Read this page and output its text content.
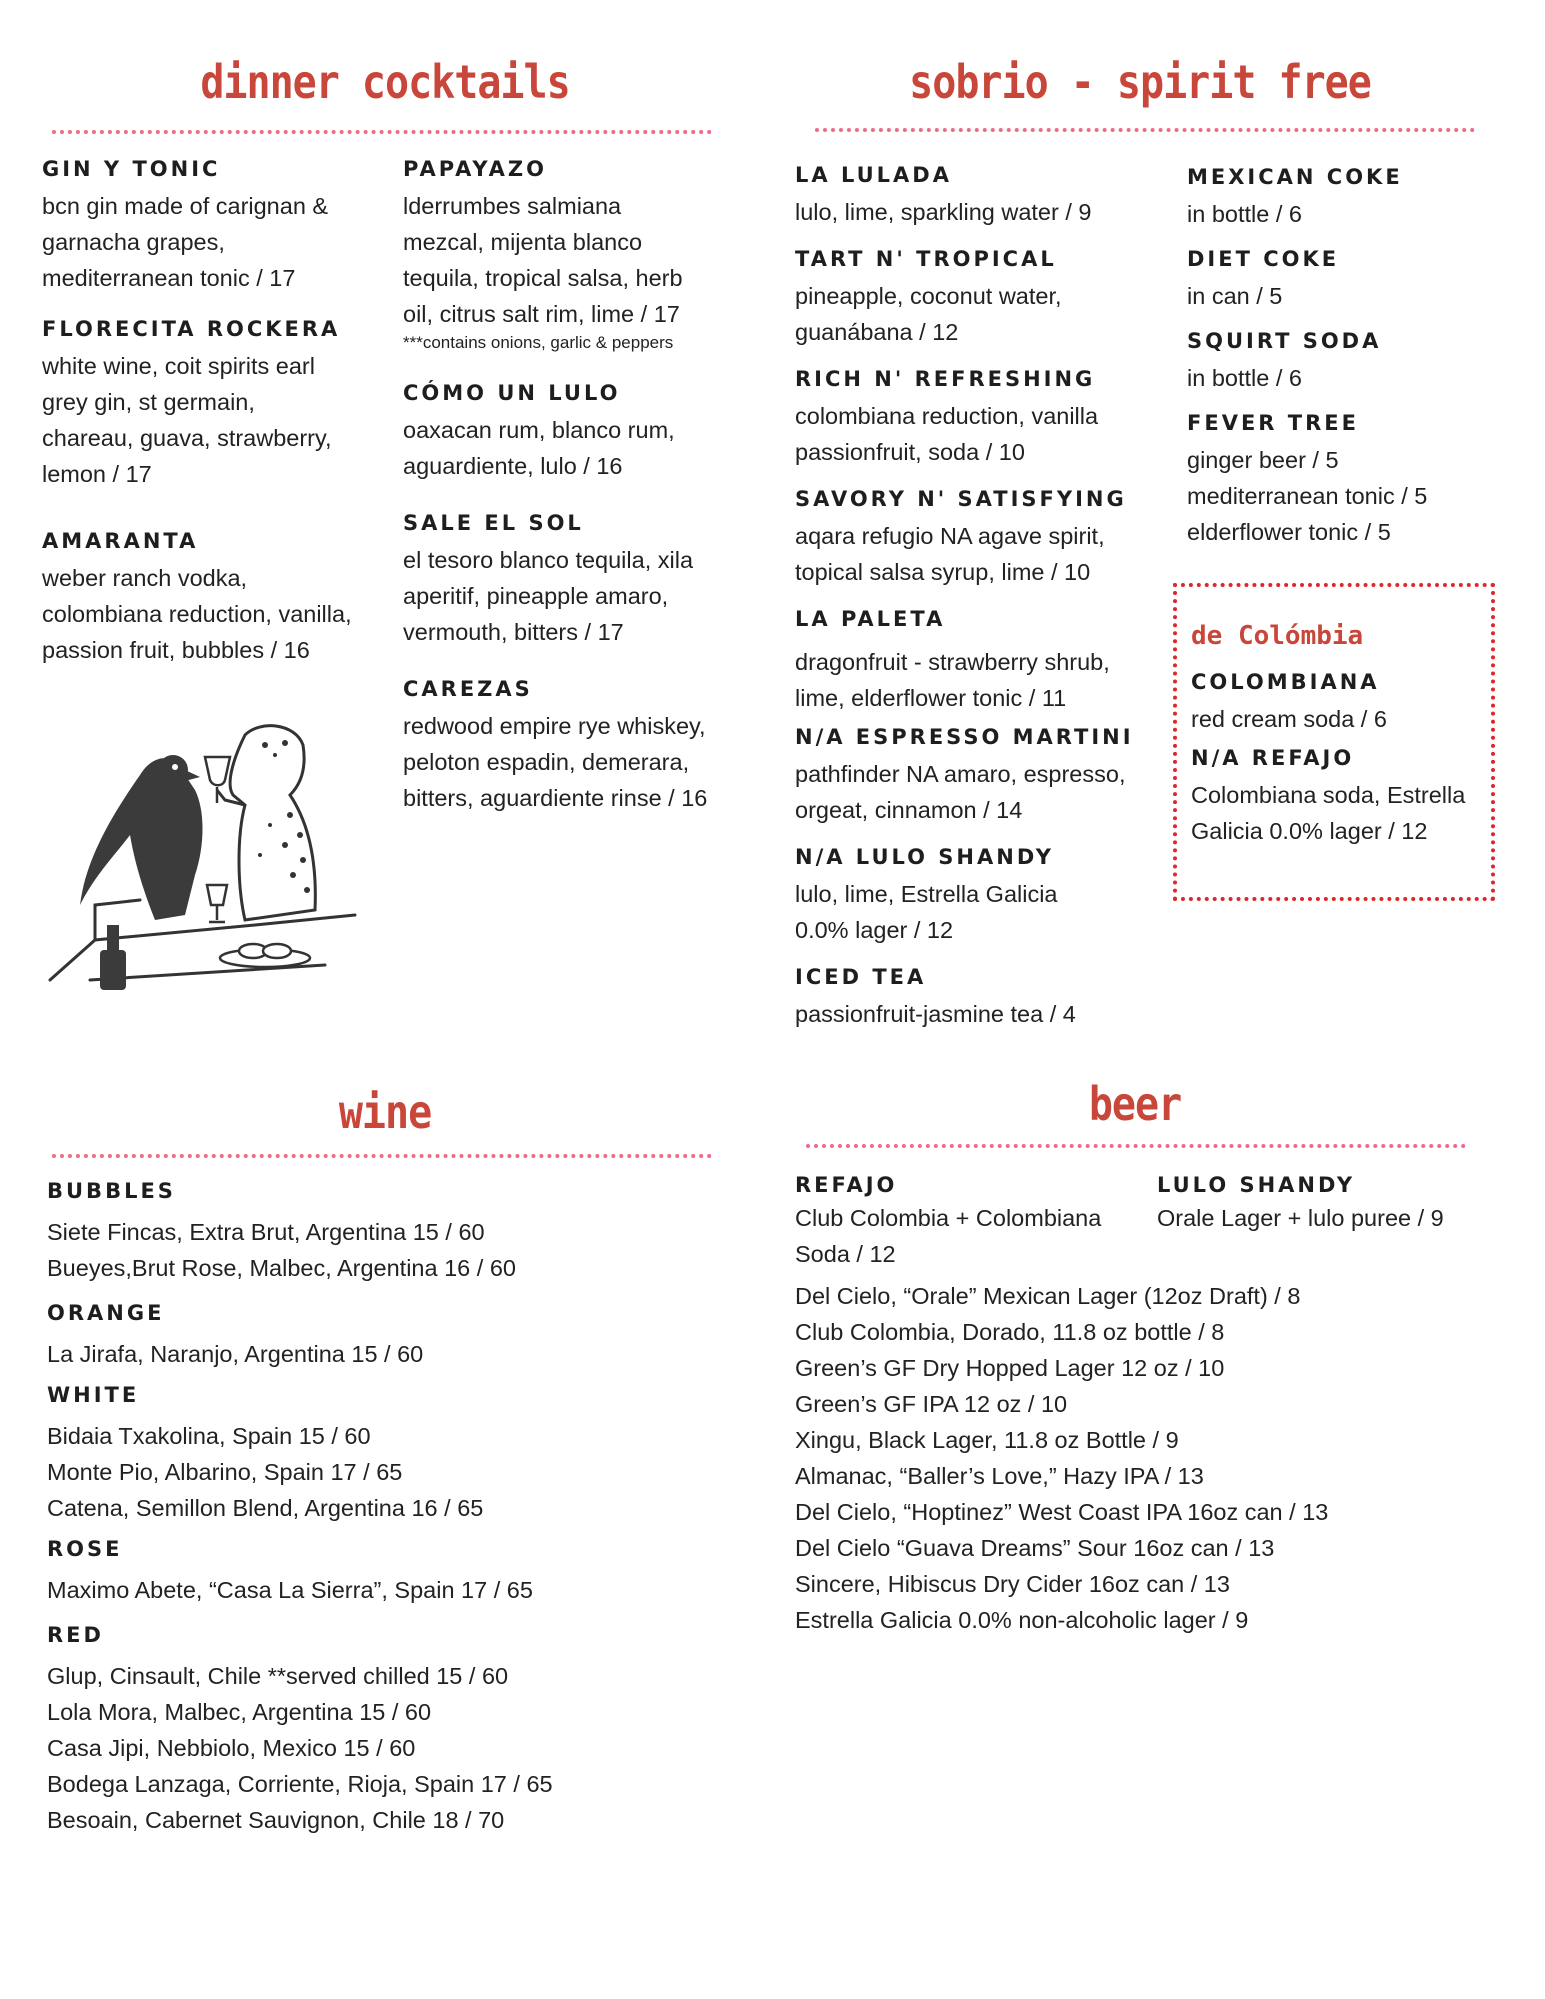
dinner cocktails	sobrio - spirit free
wine	beer
GIN Y TONIC
bcn gin made of carignan &
garnacha grapes,
mediterranean tonic / 17
FLORECITA ROCKERA
white wine, coit spirits earl
grey gin, st germain,
chareau, guava, strawberry,
lemon / 17
AMARANTA
weber ranch vodka,
colombiana reduction, vanilla,
passion fruit, bubbles / 16
PAPAYAZO
lderrumbes salmiana
mezcal, mijenta blanco
tequila, tropical salsa, herb
oil, citrus salt rim, lime / 17
***contains onions, garlic & peppers
CÓMO UN LULO
oaxacan rum, blanco rum,
aguardiente, lulo / 16
SALE EL SOL
el tesoro blanco tequila, xila
aperitif, pineapple amaro,
vermouth, bitters / 17
CAREZAS
redwood empire rye whiskey,
peloton espadin, demerara,
bitters, aguardiente rinse / 16
LA LULADA
lulo, lime, sparkling water / 9
TART N' TROPICAL
pineapple, coconut water,
guanábana / 12
RICH N' REFRESHING
colombiana reduction, vanilla
passionfruit, soda / 10
SAVORY N' SATISFYING
aqara refugio NA agave spirit,
topical salsa syrup, lime / 10
LA PALETA
dragonfruit - strawberry shrub,
lime, elderflower tonic / 11
N/A ESPRESSO MARTINI
pathfinder NA amaro, espresso,
orgeat, cinnamon / 14
N/A LULO SHANDY
lulo, lime, Estrella Galicia
0.0% lager / 12
ICED TEA
passionfruit-jasmine tea / 4
MEXICAN COKE
in bottle / 6
DIET COKE
in can / 5
SQUIRT SODA
in bottle / 6
FEVER TREE
ginger beer / 5
mediterranean tonic / 5
elderflower tonic / 5
de Colómbia
COLOMBIANA
red cream soda / 6
N/A REFAJO
Colombiana soda, Estrella
Galicia 0.0% lager / 12
BUBBLES
Siete Fincas, Extra Brut, Argentina 15 / 60
Bueyes,Brut Rose, Malbec, Argentina 16 / 60
ORANGE
La Jirafa, Naranjo, Argentina 15 / 60
WHITE
Bidaia Txakolina, Spain 15 / 60
Monte Pio, Albarino, Spain 17 / 65
Catena, Semillon Blend, Argentina 16 / 65
ROSE
Maximo Abete, “Casa La Sierra”, Spain 17 / 65
RED
Glup, Cinsault, Chile **served chilled 15 / 60
Lola Mora, Malbec, Argentina 15 / 60
Casa Jipi, Nebbiolo, Mexico 15 / 60
Bodega Lanzaga, Corriente, Rioja, Spain 17 / 65
Besoain, Cabernet Sauvignon, Chile 18 / 70
REFAJO
Club Colombia + Colombiana
Soda / 12
LULO SHANDY
Orale Lager + lulo puree / 9
Del Cielo, “Orale” Mexican Lager (12oz Draft) / 8
Club Colombia, Dorado, 11.8 oz bottle / 8
Green’s GF Dry Hopped Lager 12 oz / 10
Green’s GF IPA 12 oz / 10
Xingu, Black Lager, 11.8 oz Bottle / 9
Almanac, “Baller’s Love,” Hazy IPA / 13
Del Cielo, “Hoptinez” West Coast IPA 16oz can / 13
Del Cielo “Guava Dreams” Sour 16oz can / 13
Sincere, Hibiscus Dry Cider 16oz can / 13
Estrella Galicia 0.0% non-alcoholic lager / 9
